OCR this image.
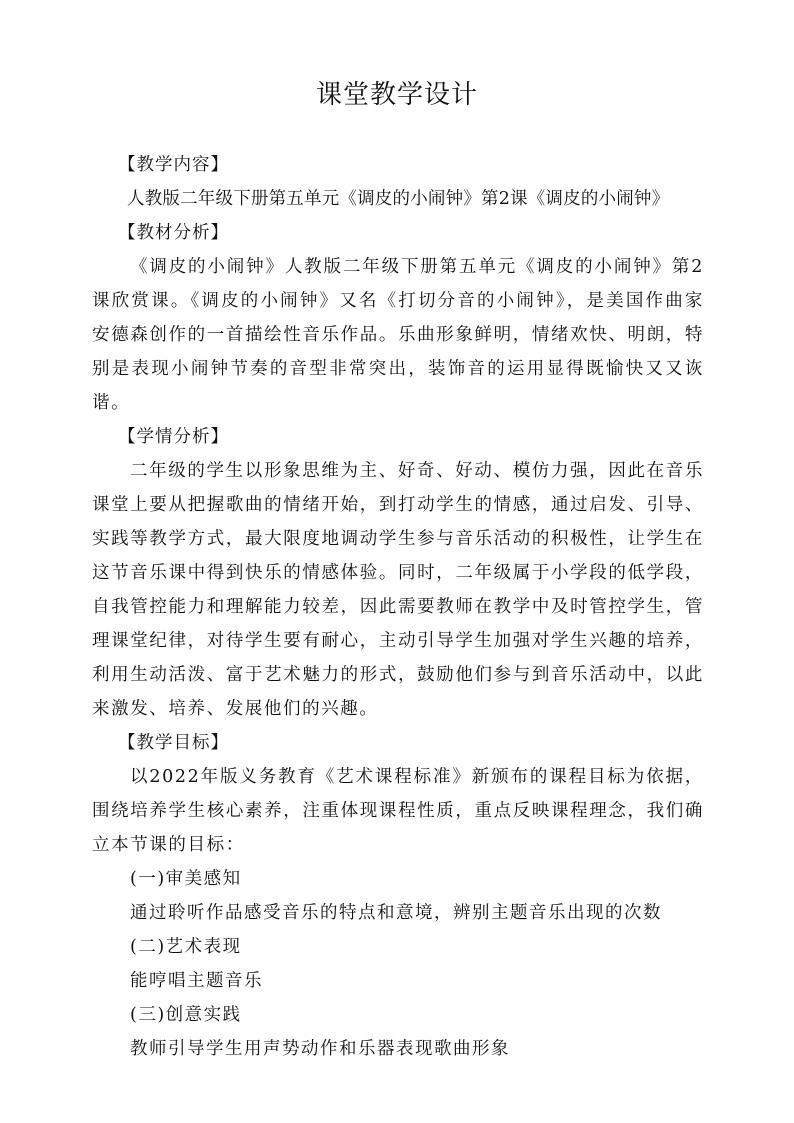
课堂教学设计

【教学内容】

人教版二年级下册第五单元《调皮的小闹钟》第2课《调皮的小闹钟》

【教材分析】

《调皮的小闹钟》人教版二年级下册第五单元《调皮的小闹钟》第2课欣赏课。《调皮的小闹钟》又名《打切分音的小闹钟》，是美国作曲家安德森创作的一首描绘性音乐作品。乐曲形象鲜明，情绪欢快、明朗，特别是表现小闹钟节奏的音型非常突出，装饰音的运用显得既愉快又又诙谐。

【学情分析】

二年级的学生以形象思维为主、好奇、好动、模仿力强，因此在音乐课堂上要从把握歌曲的情绪开始，到打动学生的情感，通过启发、引导、实践等教学方式，最大限度地调动学生参与音乐活动的积极性，让学生在这节音乐课中得到快乐的情感体验。同时，二年级属于小学段的低学段，自我管控能力和理解能力较差，因此需要教师在教学中及时管控学生，管理课堂纪律，对待学生要有耐心，主动引导学生加强对学生兴趣的培养，利用生动活泼、富于艺术魅力的形式，鼓励他们参与到音乐活动中，以此来激发、培养、发展他们的兴趣。

【教学目标】

以2022年版义务教育《艺术课程标准》新颁布的课程目标为依据，围绕培养学生核心素养，注重体现课程性质，重点反映课程理念，我们确立本节课的目标：

(一)审美感知

通过聆听作品感受音乐的特点和意境，辨别主题音乐出现的次数

(二)艺术表现

能哼唱主题音乐

(三)创意实践

教师引导学生用声势动作和乐器表现歌曲形象
